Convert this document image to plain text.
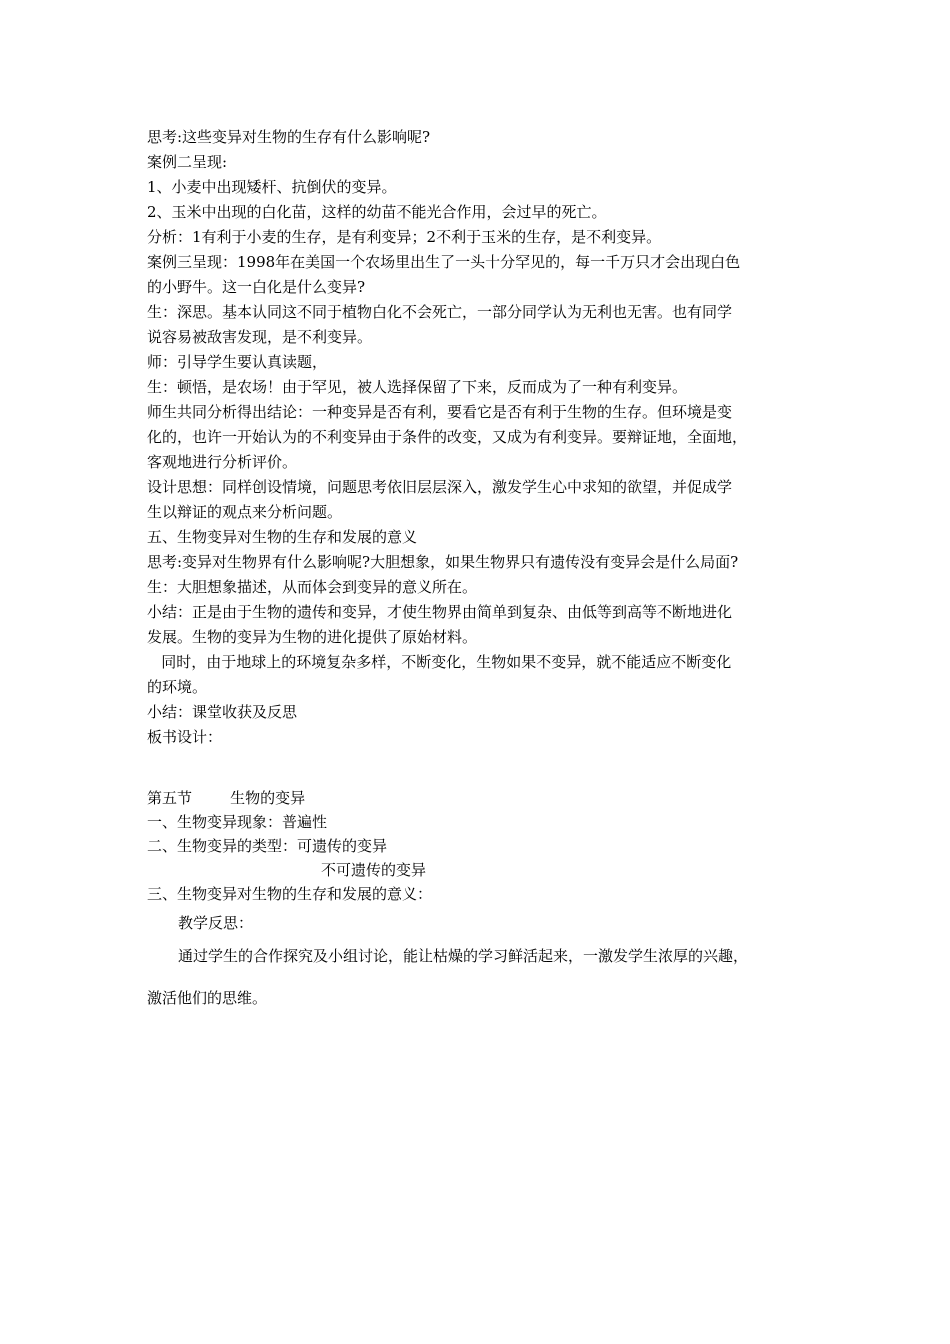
思考:这些变异对生物的生存有什么影响呢?
案例二呈现:
1、小麦中出现矮杆、抗倒伏的变异。
2、玉米中出现的白化苗，这样的幼苗不能光合作用，会过早的死亡。
分析：1有利于小麦的生存，是有利变异；2不利于玉米的生存，是不利变异。
案例三呈现：1998年在美国一个农场里出生了一头十分罕见的，每一千万只才会出现白色
的小野牛。这一白化是什么变异?
生：深思。基本认同这不同于植物白化不会死亡，一部分同学认为无利也无害。也有同学
说容易被敌害发现，是不利变异。
师：引导学生要认真读题，
生：顿悟，是农场！由于罕见，被人选择保留了下来，反而成为了一种有利变异。
师生共同分析得出结论：一种变异是否有利，要看它是否有利于生物的生存。但环境是变
化的，也许一开始认为的不利变异由于条件的改变，又成为有利变异。要辩证地，全面地，
客观地进行分析评价。
设计思想：同样创设情境，问题思考依旧层层深入，激发学生心中求知的欲望，并促成学
生以辩证的观点来分析问题。
五、生物变异对生物的生存和发展的意义
思考:变异对生物界有什么影响呢?大胆想象，如果生物界只有遗传没有变异会是什么局面?
生：大胆想象描述，从而体会到变异的意义所在。
小结：正是由于生物的遗传和变异，才使生物界由简单到复杂、由低等到高等不断地进化
发展。生物的变异为生物的进化提供了原始材料。
同时，由于地球上的环境复杂多样，不断变化，生物如果不变异，就不能适应不断变化
的环境。
小结：课堂收获及反思
板书设计：
第五节        生物的变异
一、生物变异现象：普遍性
二、生物变异的类型：可遗传的变异
不可遗传的变异
三、生物变异对生物的生存和发展的意义：
教学反思：
通过学生的合作探究及小组讨论，能让枯燥的学习鲜活起来，一激发学生浓厚的兴趣，
激活他们的思维。
